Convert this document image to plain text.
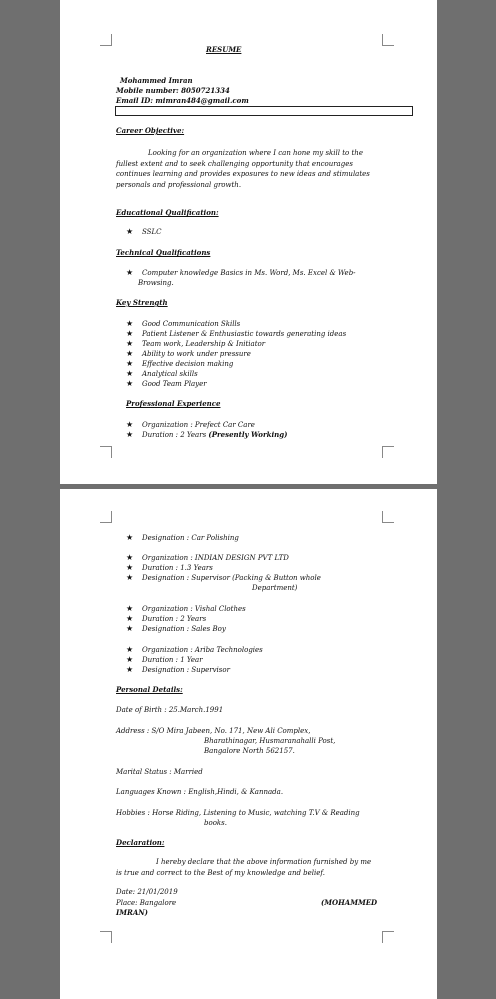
RESUME
Mohammed Imran
Mobile number: 8050721334
Email ID: mimran484@gmail.com
Career Objective:
Looking for an organization where I can hone my skill to the fullest extent and to seek challenging opportunity that encourages continues learning and provides exposures to new ideas and stimulates personals and professional growth.
Educational Qualification:
★ SSLC
Technical Qualifications
★ Computer knowledge Basics in Ms. Word, Ms. Excel & Web-
Browsing.
Key Strength
★ Good Communication Skills
★ Patient Listener & Enthusiastic towards generating ideas
★ Team work, Leadership & Initiator
★ Ability to work under pressure
★ Effective decision making
★ Analytical skills
★ Good Team Player
Professional Experience
★ Organization : Prefect Car Care
★ Duration : 2 Years (Presently Working)
★ Designation : Car Polishing
★ Organization : INDIAN DESIGN PVT LTD
★ Duration : 1.3 Years
★ Designation : Supervisor (Packing & Button whole
Department)
★ Organization : Vishal Clothes
★ Duration : 2 Years
★ Designation : Sales Boy
★ Organization : Ariba Technologies
★ Duration : 1 Year
★ Designation : Supervisor
Personal Details:
Date of Birth : 25.March.1991
Address : S/O Mira Jabeen, No. 171, New Ali Complex,
Bharathinagar, Husmaranahalli Post,
Bangalore North 562157.
Marital Status : Married
Languages Known : English,Hindi, & Kannada.
Hobbies : Horse Riding, Listening to Music, watching T.V & Reading
books.
Declaration:
I hereby declare that the above information furnished by me is true and correct to the Best of my knowledge and belief.
Date: 21/01/2019
Place: Bangalore	(MOHAMMED
IMRAN)
